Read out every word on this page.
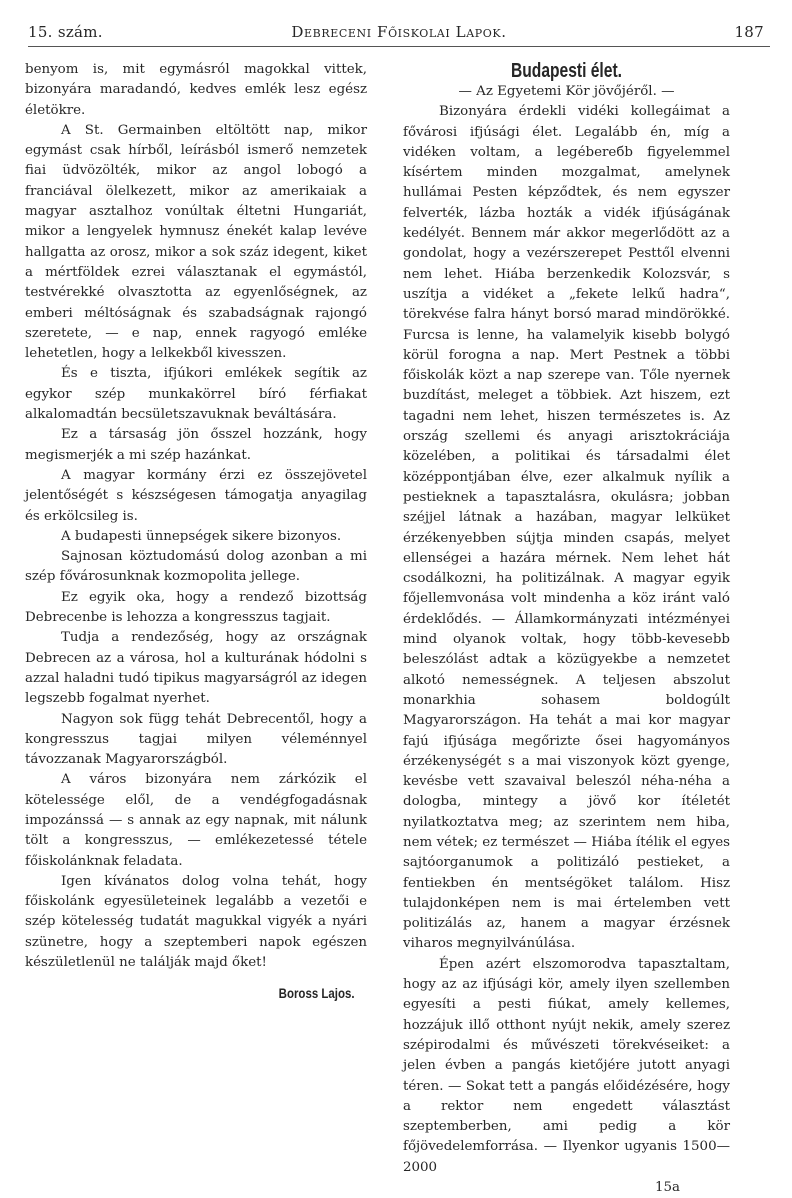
15. szám.	Debreceni Főiskolai Lapok.	187

benyom is, mit egymásról magokkal vittek, bizonyára maradandó, kedves emlék lesz egész életökre.

A St. Germainben eltöltött nap, mikor egymást csak hírből, leírásból ismerő nemzetek fiai üdvözölték, mikor az angol lobogó a franciával ölelkezett, mikor az amerikaiak a magyar asztalhoz vonúltak éltetni Hungariát, mikor a lengyelek hymnusz énekét kalap levéve hallgatta az orosz, mikor a sok száz idegent, kiket a mértföldek ezrei választanak el egymástól, testvérekké olvasztotta az egyenlőségnek, az emberi méltóságnak és szabadságnak rajongó szeretete, — e nap, ennek ragyogó emléke lehetetlen, hogy a lelkekből kivesszen.

És e tiszta, ifjúkori emlékek segítik az egykor szép munkakörrel bíró férfiakat alkalomadtán becsületszavuknak beváltására.

Ez a társaság jön ősszel hozzánk, hogy megismerjék a mi szép hazánkat.

A magyar kormány érzi ez összejövetel jelentőségét s készségesen támogatja anyagilag és erkölcsileg is.

A budapesti ünnepségek sikere bizonyos.

Sajnosan köztudomású dolog azonban a mi szép fővárosunknak kozmopolita jellege.

Ez egyik oka, hogy a rendező bizottság Debrecenbe is lehozza a kongresszus tagjait.

Tudja a rendezőség, hogy az országnak Debrecen az a városa, hol a kulturának hódolni s azzal haladni tudó tipikus magyarságról az idegen legszebb fogalmat nyerhet.

Nagyon sok függ tehát Debrecentől, hogy a kongresszus tagjai milyen véleménnyel távozzanak Magyarországból.

A város bizonyára nem zárkózik el kötelessége elől, de a vendégfogadásnak impozánssá — s annak az egy napnak, mit nálunk tölt a kongresszus, — emlékezetessé tétele főiskolánknak feladata.

Igen kívánatos dolog volna tehát, hogy főiskolánk egyesületeinek legalább a vezetői e szép kötelesség tudatát magukkal vigyék a nyári szünetre, hogy a szeptemberi napok egészen készületlenül ne találják majd őket!

Boross Lajos.

Budapesti élet.

— Az Egyetemi Kör jövőjéről. —

Bizonyára érdekli vidéki kollegáimat a fővárosi ifjúsági élet. Legalább én, míg a vidéken voltam, a legébereбb figyelemmel kísértem minden mozgalmat, amelynek hullámai Pesten képződtek, és nem egyszer felverték, lázba hozták a vidék ifjúságának kedélyét. Bennem már akkor megerlődött az a gondolat, hogy a vezérszerepet Pesttől elvenni nem lehet. Hiába berzenkedik Kolozsvár, s uszítja a vidéket a „fekete lelkű hadra“, törekvése falra hányt borsó marad mindörökké. Furcsa is lenne, ha valamelyik kisebb bolygó körül forogna a nap. Mert Pestnek a többi főiskolák közt a nap szerepe van. Tőle nyernek buzdítást, meleget a többiek. Azt hiszem, ezt tagadni nem lehet, hiszen természetes is. Az ország szellemi és anyagi arisztokráciája közelében, a politikai és társadalmi élet középpontjában élve, ezer alkalmuk nyílik a pestieknek a tapasztalásra, okulásra; jobban széjjel látnak a hazában, magyar lelküket érzékenyebben sújtja minden csapás, melyet ellenségei a hazára mérnek. Nem lehet hát csodálkozni, ha politizálnak. A magyar egyik főjellemvonása volt mindenha a köz iránt való érdeklődés. — Államkormányzati intézményei mind olyanok voltak, hogy több-kevesebb beleszólást adtak a közügyekbe a nemzetet alkotó nemességnek. A teljesen abszolut monarkhia sohasem boldogúlt Magyarországon. Ha tehát a mai kor magyar fajú ifjúsága megőrizte ősei hagyományos érzékenységét s a mai viszonyok közt gyenge, kevésbe vett szavaival beleszól néha-néha a dologba, mintegy a jövő kor ítéletét nyilatkoztatva meg; az szerintem nem hiba, nem vétek; ez természet — Hiába ítélik el egyes sajtóorganumok a politizáló pestieket, a fentiekben én mentségöket találom. Hisz tulajdonképen nem is mai értelemben vett politizálás az, hanem a magyar érzésnek viharos megnyilvánúlása.

Épen azért elszomorodva tapasztaltam, hogy az az ifjúsági kör, amely ilyen szellemben egyesíti a pesti fiúkat, amely kellemes, hozzájuk illő otthont nyújt nekik, amely szerez szépirodalmi és művészeti törekvéseiket: a jelen évben a pangás kietőjére jutott anyagi téren. — Sokat tett a pangás előidézésére, hogy a rektor nem engedett választást szeptemberben, ami pedig a kör főjövedelemforrása. — Ilyenkor ugyanis 1500—2000

15a
